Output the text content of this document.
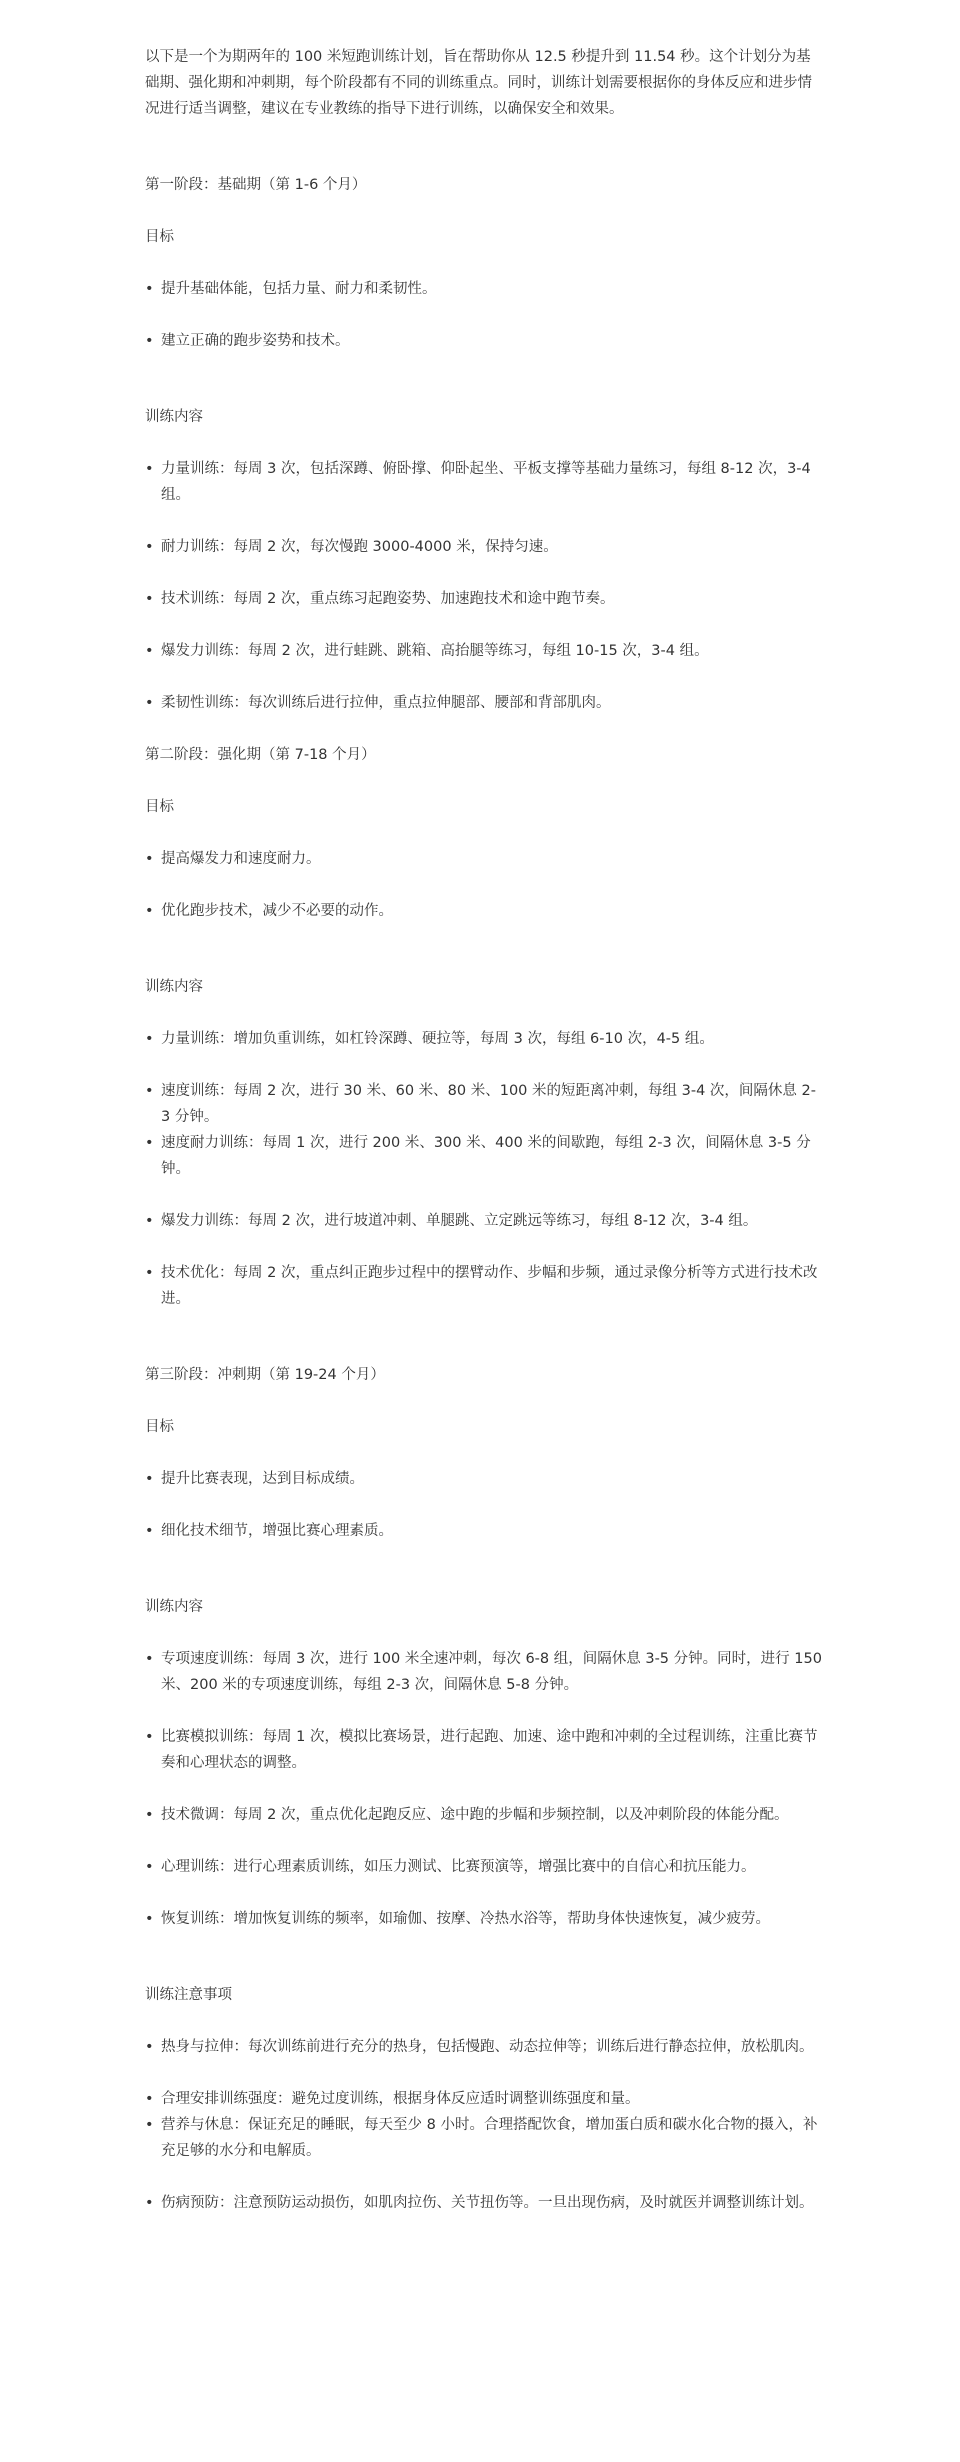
以下是一个为期两年的 100 米短跑训练计划，旨在帮助你从 12.5 秒提升到 11.54 秒。这个计划分为基础期、强化期和冲刺期，每个阶段都有不同的训练重点。同时，训练计划需要根据你的身体反应和进步情况进行适当调整，建议在专业教练的指导下进行训练，以确保安全和效果。

第一阶段：基础期（第 1-6 个月）

目标

• 提升基础体能，包括力量、耐力和柔韧性。

• 建立正确的跑步姿势和技术。

训练内容

• 力量训练：每周 3 次，包括深蹲、俯卧撑、仰卧起坐、平板支撑等基础力量练习，每组 8-12 次，3-4 组。

• 耐力训练：每周 2 次，每次慢跑 3000-4000 米，保持匀速。

• 技术训练：每周 2 次，重点练习起跑姿势、加速跑技术和途中跑节奏。

• 爆发力训练：每周 2 次，进行蛙跳、跳箱、高抬腿等练习，每组 10-15 次，3-4 组。

• 柔韧性训练：每次训练后进行拉伸，重点拉伸腿部、腰部和背部肌肉。

第二阶段：强化期（第 7-18 个月）

目标

• 提高爆发力和速度耐力。

• 优化跑步技术，减少不必要的动作。

训练内容

• 力量训练：增加负重训练，如杠铃深蹲、硬拉等，每周 3 次，每组 6-10 次，4-5 组。

• 速度训练：每周 2 次，进行 30 米、60 米、80 米、100 米的短距离冲刺，每组 3-4 次，间隔休息 2-3 分钟。

• 速度耐力训练：每周 1 次，进行 200 米、300 米、400 米的间歇跑，每组 2-3 次，间隔休息 3-5 分钟。

• 爆发力训练：每周 2 次，进行坡道冲刺、单腿跳、立定跳远等练习，每组 8-12 次，3-4 组。

• 技术优化：每周 2 次，重点纠正跑步过程中的摆臂动作、步幅和步频，通过录像分析等方式进行技术改进。

第三阶段：冲刺期（第 19-24 个月）

目标

• 提升比赛表现，达到目标成绩。

• 细化技术细节，增强比赛心理素质。

训练内容

• 专项速度训练：每周 3 次，进行 100 米全速冲刺，每次 6-8 组，间隔休息 3-5 分钟。同时，进行 150 米、200 米的专项速度训练，每组 2-3 次，间隔休息 5-8 分钟。

• 比赛模拟训练：每周 1 次，模拟比赛场景，进行起跑、加速、途中跑和冲刺的全过程训练，注重比赛节奏和心理状态的调整。

• 技术微调：每周 2 次，重点优化起跑反应、途中跑的步幅和步频控制，以及冲刺阶段的体能分配。

• 心理训练：进行心理素质训练，如压力测试、比赛预演等，增强比赛中的自信心和抗压能力。

• 恢复训练：增加恢复训练的频率，如瑜伽、按摩、冷热水浴等，帮助身体快速恢复，减少疲劳。

训练注意事项

• 热身与拉伸：每次训练前进行充分的热身，包括慢跑、动态拉伸等；训练后进行静态拉伸，放松肌肉。

• 合理安排训练强度：避免过度训练，根据身体反应适时调整训练强度和量。

• 营养与休息：保证充足的睡眠，每天至少 8 小时。合理搭配饮食，增加蛋白质和碳水化合物的摄入，补充足够的水分和电解质。

• 伤病预防：注意预防运动损伤，如肌肉拉伤、关节扭伤等。一旦出现伤病，及时就医并调整训练计划。
